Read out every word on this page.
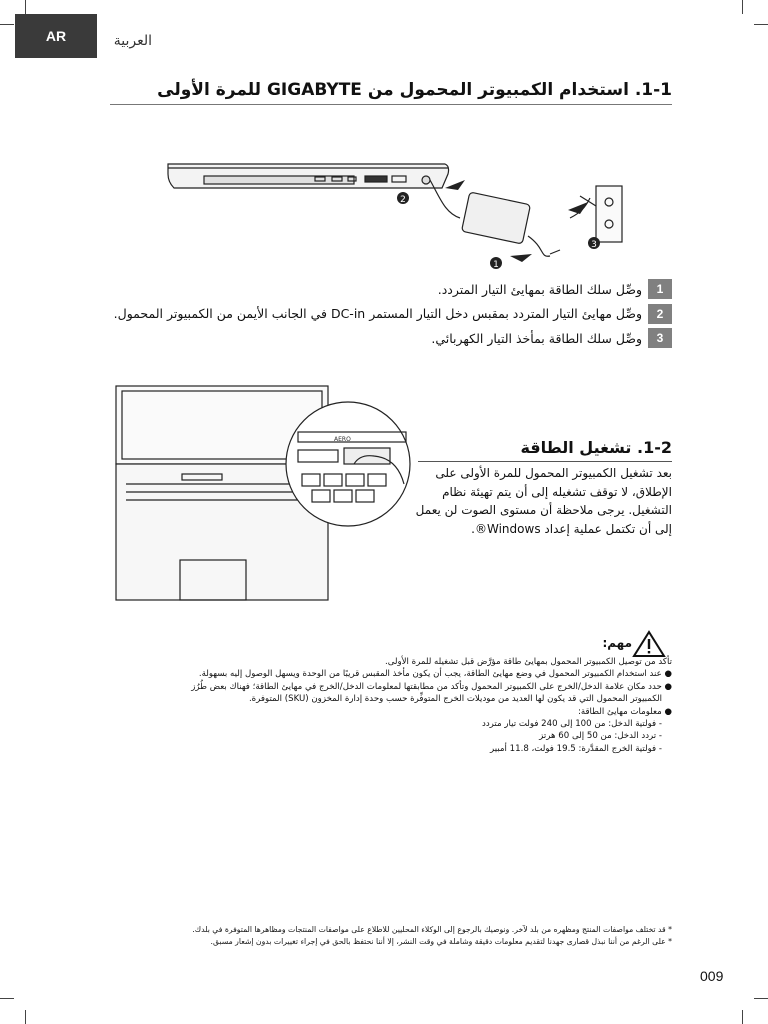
AR	العربية
1-1. استخدام الكمبيوتر المحمول من GIGABYTE للمرة الأولى
2
1
3
1
وصِّل سلك الطاقة بمهايئ التيار المتردد.
2
وصِّل مهايئ التيار المتردد بمقبس دخل التيار المستمر DC-in في الجانب الأيمن من الكمبيوتر المحمول.
3
وصِّل سلك الطاقة بمأخذ التيار الكهربائي.
AERO	1-2. تشغيل الطاقة
بعد تشغيل الكمبيوتر المحمول للمرة الأولى على
الإطلاق، لا توقف تشغيله إلى أن يتم تهيئة نظام
التشغيل. يرجى ملاحظة أن مستوى الصوت لن يعمل
إلى أن تكتمل عملية إعداد Windows®.
مهم:
تأكد من توصيل الكمبيوتر المحمول بمهايئ طاقة مؤرَّض قبل تشغيله للمرة الأولى.
● عند استخدام الكمبيوتر المحمول في وضع مهايئ الطاقة، يجب أن يكون مأخذ المقبس قريبًا من الوحدة ويسهل الوصول إليه بسهولة.
● حدد مكان علامة الدخل/الخرج على الكمبيوتر المحمول وتأكد من مطابقتها لمعلومات الدخل/الخرج في مهايئ الطاقة؛ فهناك بعض طُرُز
الكمبيوتر المحمول التي قد يكون لها العديد من موديلات الخرج المتوفِّرة حسب وحدة إدارة المخزون (SKU) المتوفرة.
● معلومات مهايئ الطاقة:
- فولتية الدخل: من 100 إلى 240 فولت تيار متردد
- تردد الدخل: من 50 إلى 60 هرتز
- فولتية الخرج المقدَّرة: 19.5 فولت، 11.8 أمبير
* قد تختلف مواصفات المنتج ومظهره من بلد لآخر. ونوصيك بالرجوع إلى الوكلاء المحليين للاطلاع على مواصفات المنتجات ومظاهرها المتوفرة في بلدك.
* على الرغم من أننا نبذل قصارى جهدنا لتقديم معلومات دقيقة وشاملة في وقت النشر، إلا أننا نحتفظ بالحق في إجراء تغييرات بدون إشعار مسبق.
009
